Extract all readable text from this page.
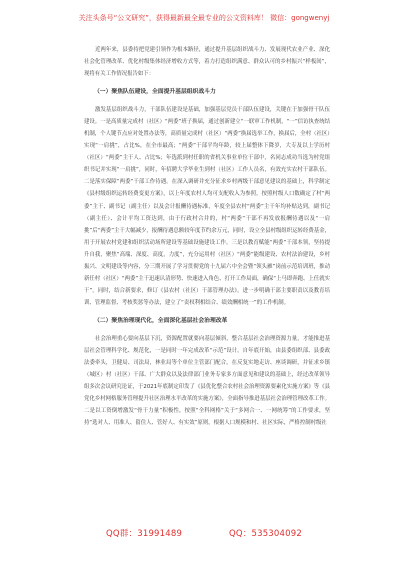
关注头条号“公文研究”，获得最新最全最专业的公文资料库！ 微信：gongwenyj

近两年来，县委持把党建引领作为根本路径，通过提升基层组织战斗力、发展现代农业产业、深化社会化管理改革、优化村级集体经济增收方式等，着力打造组织满意、群众认可的乡村振兴“样板间”，现将有关工作情况报告如下：

（一）聚焦队伍建设，全面提升基层组织战斗力

激发基层组织战斗力，干部队伍建设是基础，加强基层党员干部队伍建设，关键在于加强骨干队伍建设。一是高质量完成村（社区）“两委”班子换届，通过创新建立“一联审工作机制，“一”信访执查统结机制，个人键节点应对处置办法等，高质量完成村（社区）“两委”换届选举工作，换届后，全村（社区）实现“一肩挑”，占比%，在全市最高；“两委”干部平均年龄，较上届整体下降岁，大专及以上学历村（社区）“两委”主干人、占比%；年选派到村任职的省机关事业单位干部中，名同志成功当选为村党组织书记并实现“一肩挑”，同时，年招聘大学毕业生到村（社区）工作人员名，有效充实农村干部队伍。二是落实保障“两委”干部工作待遇。在深入调研并充分征求乡村两级干部意见建议的基础上，科学制定《县村级组织运转经费变更方案》，以上年度农村人均可支配收入为参照，按照村级人口数确定了村“两委”主干、副书记（副主任）以及会计报酬待遇标准，年度全县农村“两委”主干年均补贴达到，副书记（副主任）、会计平均工资达到，由于行政村合并的，村“两委”干部不再发放报酬待遇以及“一肩挑”后“两委”主干大幅减少，报酬待遇总额较年度节约余万元，同时，设立全县村级组织运转经费基金，用于开展农村党建和组织活动场所建设等基础设施建设工作。三是以教育赋能“两委”干部本领，坚持提升自我，聚焦“高端、深度、高度，力度”，充分运用村（社区）“两委”能级建设、农村法治建设，乡村振兴、文明建设等内容，分三期开展了学习贯彻党的十九届六中全会暨“领头雁”岗前示范培训班，推动新任村（社区）“两委”主干迅速认清形势、快速进入角色、打开工作局面，确保“上马即奔跑、上任就实干”。同时，结合新要求，修订《县农村（社区）干部管理办法》，进一步明确干部主要职责以及教育培训、管理监督、考核奖惩等办法，建立了“责权利相结合、绩效酬相统一”的工作机制。

（二）聚焦治理现代化，全面深化基层社会治理改革

社会治理重心要向基层下沉，资源配置就要向基层倾斜，整合基层社会治理资源力量，才能推进基层社会管理科学化、规范化，一是同时一年完成改革“示范”设计。自年底开始，由县委组织部、县委政法委牵头，卫健局、司法局，林业局等个单位主管部门配合，在反复实地走访、座谈调研，并征求乡镇（城区）村（社区）干部、广大群众以及法律部门业务专家多方面意见和建议的基础上，经过改革领导组多次会议研究论证，于2021年底制定印发了《县优化整合农村社会治理资源要素化实施方案》等《县党化乡村网格服务管理提升社区治理水平改革的实施方案》，全面指导推进基层社会治理管理改革工作。二是以工资倒增激发“骨干力量”积极性，按照“全科网格”关于“多网合一、一网统筹”的工作要求，坚持“选对人、用准人、留住人、管好人、有实效”原则，根据人口规模和村、社区实际，严格控制村级社

QQ群：31991489	QQ：535304092
